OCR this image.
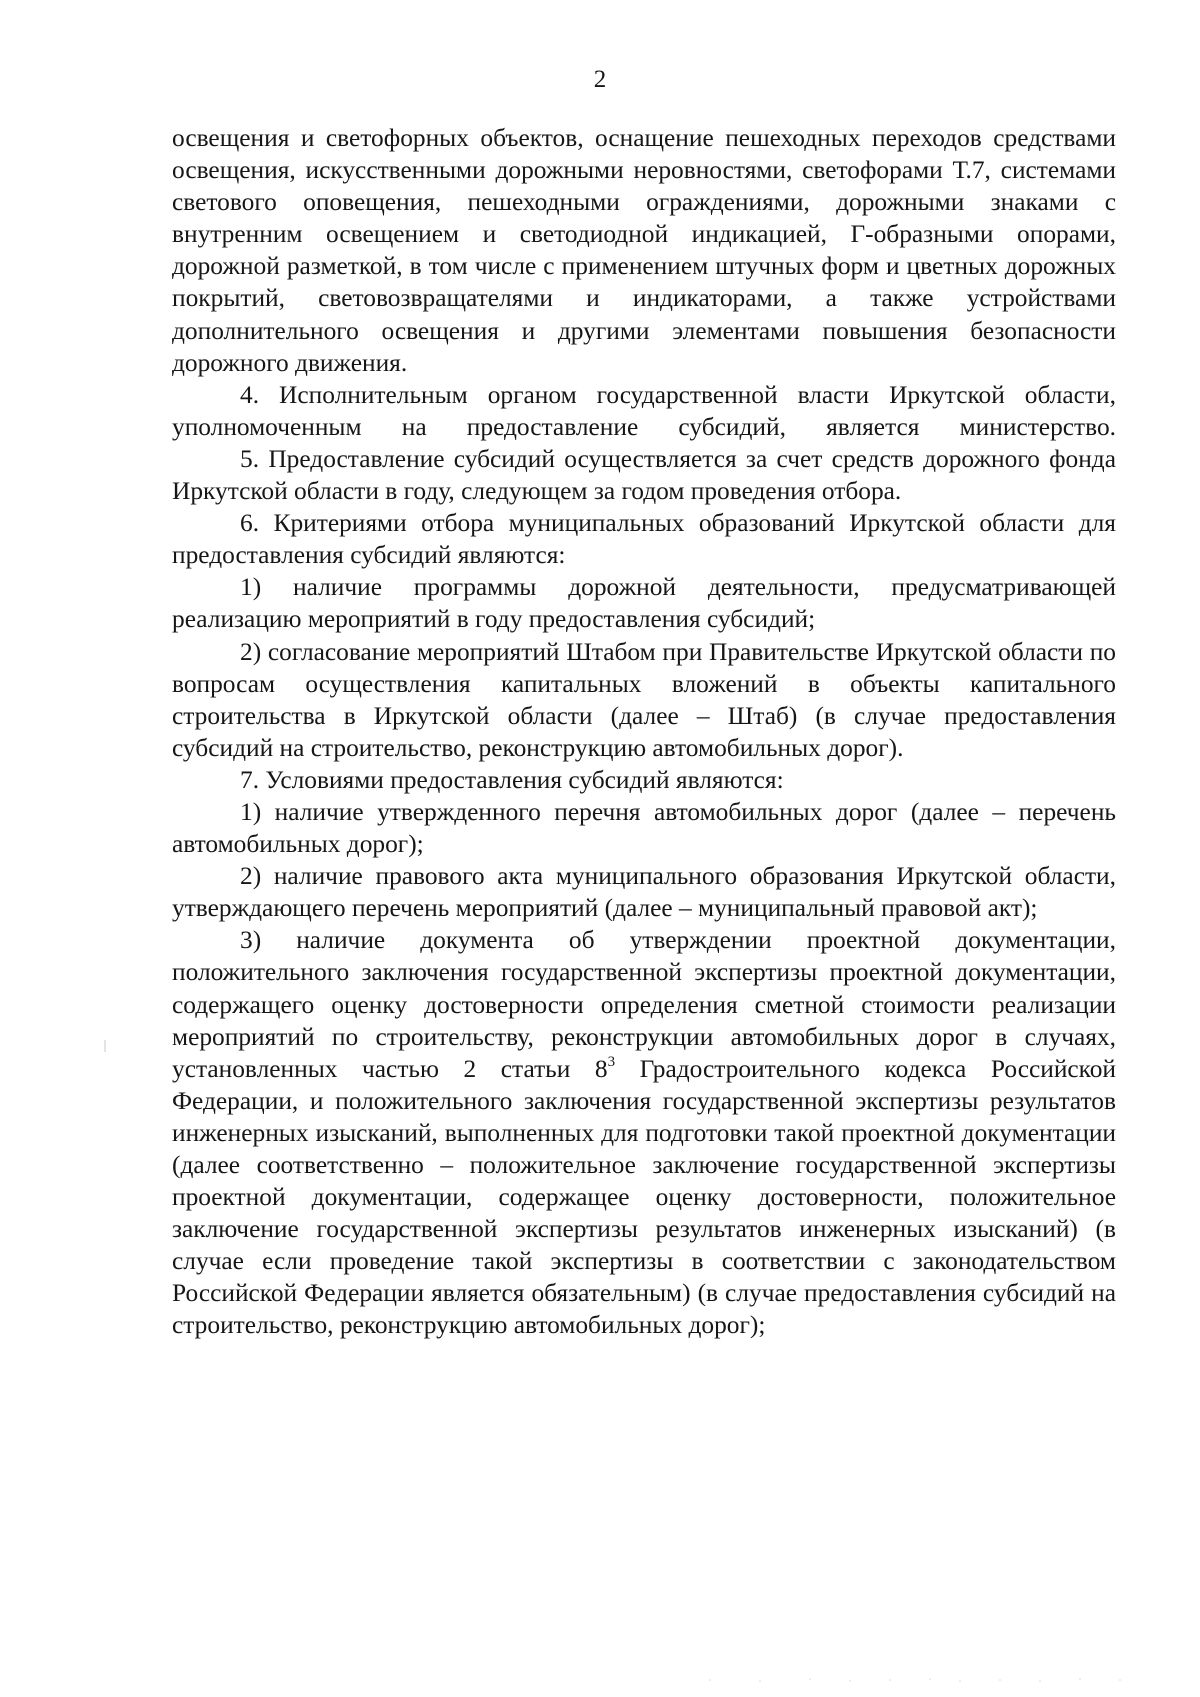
2

освещения и светофорных объектов, оснащение пешеходных переходов средствами освещения, искусственными дорожными неровностями, светофорами Т.7, системами светового оповещения, пешеходными ограждениями, дорожными знаками с внутренним освещением и светодиодной индикацией, Г-образными опорами, дорожной разметкой, в том числе с применением штучных форм и цветных дорожных покрытий, световозвращателями и индикаторами, а также устройствами дополнительного освещения и другими элементами повышения безопасности дорожного движения.

4. Исполнительным органом государственной власти Иркутской области, уполномоченным на предоставление субсидий, является министерство.

5. Предоставление субсидий осуществляется за счет средств дорожного фонда Иркутской области в году, следующем за годом проведения отбора.

6. Критериями отбора муниципальных образований Иркутской области для предоставления субсидий являются:

1) наличие программы дорожной деятельности, предусматривающей реализацию мероприятий в году предоставления субсидий;

2) согласование мероприятий Штабом при Правительстве Иркутской области по вопросам осуществления капитальных вложений в объекты капитального строительства в Иркутской области (далее – Штаб) (в случае предоставления субсидий на строительство, реконструкцию автомобильных дорог).

7. Условиями предоставления субсидий являются:

1) наличие утвержденного перечня автомобильных дорог (далее – перечень автомобильных дорог);

2) наличие правового акта муниципального образования Иркутской области, утверждающего перечень мероприятий (далее – муниципальный правовой акт);

3) наличие документа об утверждении проектной документации, положительного заключения государственной экспертизы проектной документации, содержащего оценку достоверности определения сметной стоимости реализации мероприятий по строительству, реконструкции автомобильных дорог в случаях, установленных частью 2 статьи $8^3$ Градостроительного кодекса Российской Федерации, и положительного заключения государственной экспертизы результатов инженерных изысканий, выполненных для подготовки такой проектной документации (далее соответственно – положительное заключение государственной экспертизы проектной документации, содержащее оценку достоверности, положительное заключение государственной экспертизы результатов инженерных изысканий) (в случае если проведение такой экспертизы в соответствии с законодательством Российской Федерации является обязательным) (в случае предоставления субсидий на строительство, реконструкцию автомобильных дорог);
